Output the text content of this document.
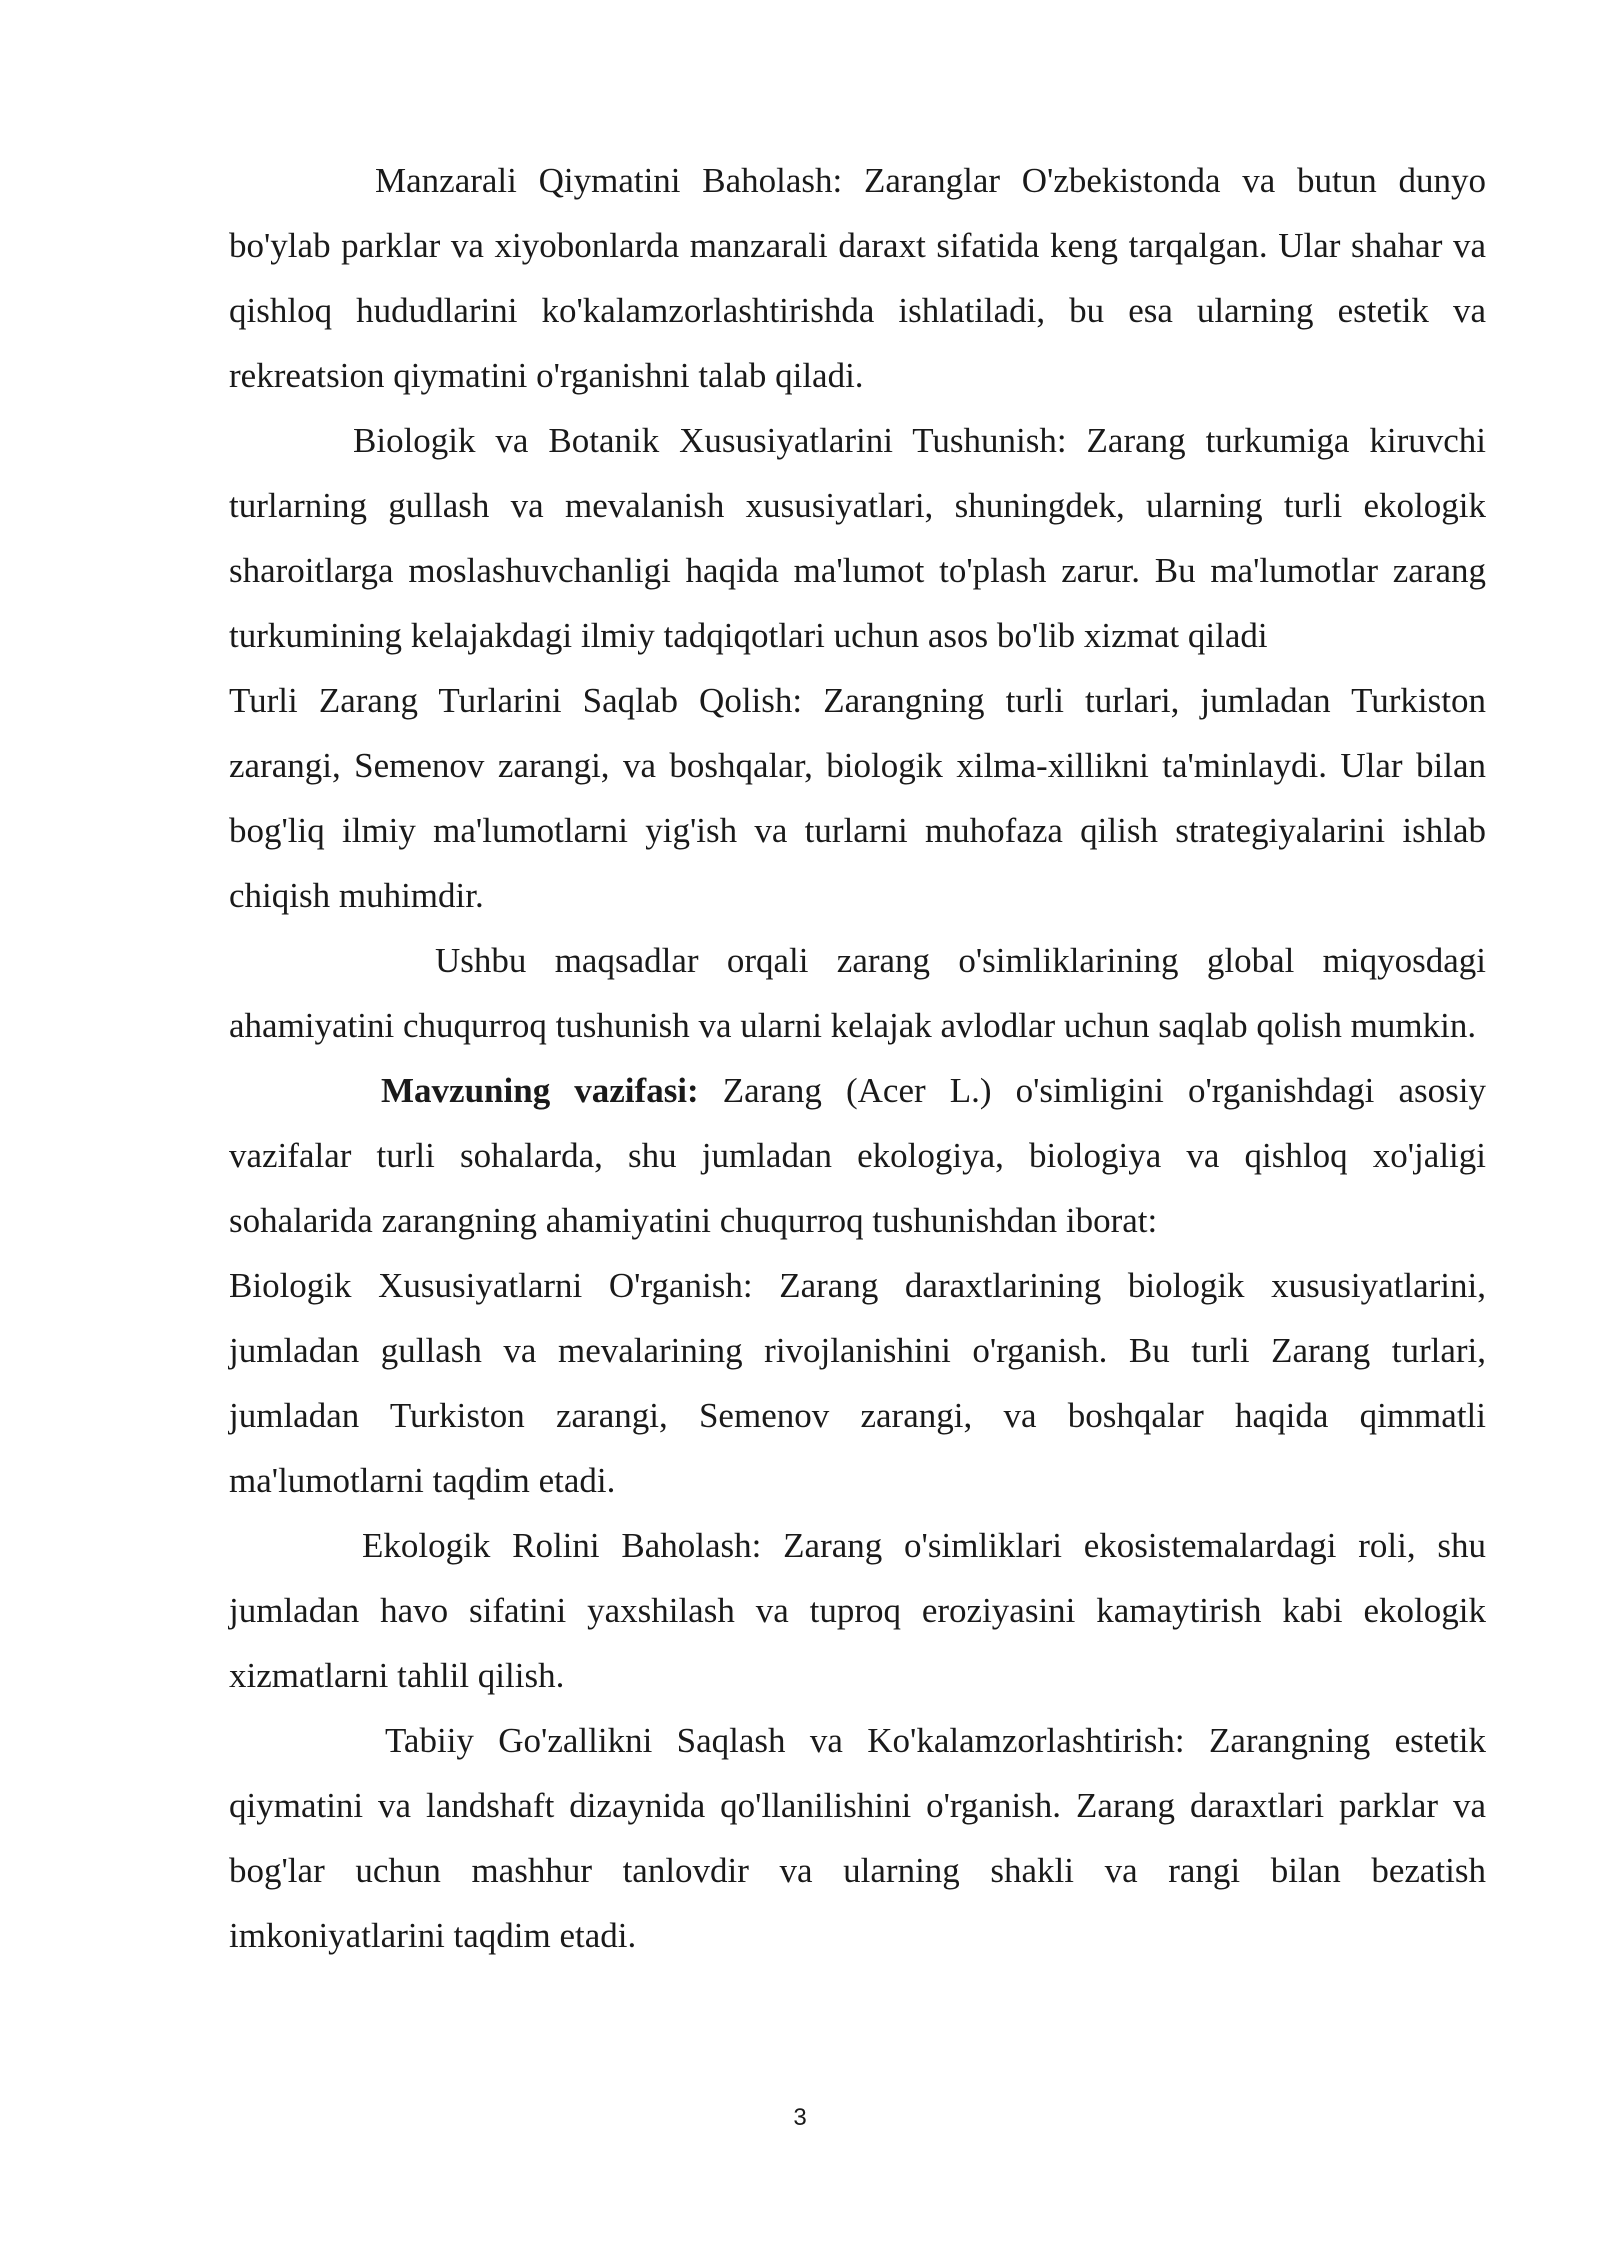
Manzarali Qiymatini Baholash: Zaranglar O'zbekistonda va butun dunyo bo'ylab parklar va xiyobonlarda manzarali daraxt sifatida keng tarqalgan. Ular shahar va qishloq hududlarini ko'kalamzorlashtirishda ishlatiladi, bu esa ularning estetik va rekreatsion qiymatini o'rganishni talab qiladi.

Biologik va Botanik Xususiyatlarini Tushunish: Zarang turkumiga kiruvchi turlarning gullash va mevalanish xususiyatlari, shuningdek, ularning turli ekologik sharoitlarga moslashuvchanligi haqida ma'lumot to'plash zarur. Bu ma'lumotlar zarang turkumining kelajakdagi ilmiy tadqiqotlari uchun asos bo'lib xizmat qiladi

Turli Zarang Turlarini Saqlab Qolish: Zarangning turli turlari, jumladan Turkiston zarangi, Semenov zarangi, va boshqalar, biologik xilma-xillikni ta'minlaydi. Ular bilan bog'liq ilmiy ma'lumotlarni yig'ish va turlarni muhofaza qilish strategiyalarini ishlab chiqish muhimdir.

Ushbu maqsadlar orqali zarang o'simliklarining global miqyosdagi ahamiyatini chuqurroq tushunish va ularni kelajak avlodlar uchun saqlab qolish mumkin.

Mavzuning vazifasi: Zarang (Acer L.) o'simligini o'rganishdagi asosiy vazifalar turli sohalarda, shu jumladan ekologiya, biologiya va qishloq xo'jaligi sohalarida zarangning ahamiyatini chuqurroq tushunishdan iborat:

Biologik Xususiyatlarni O'rganish: Zarang daraxtlarining biologik xususiyatlarini, jumladan gullash va mevalarining rivojlanishini o'rganish. Bu turli Zarang turlari, jumladan Turkiston zarangi, Semenov zarangi, va boshqalar haqida qimmatli ma'lumotlarni taqdim etadi.

Ekologik Rolini Baholash: Zarang o'simliklari ekosistemalardagi roli, shu jumladan havo sifatini yaxshilash va tuproq eroziyasini kamaytirish kabi ekologik xizmatlarni tahlil qilish.

Tabiiy Go'zallikni Saqlash va Ko'kalamzorlashtirish: Zarangning estetik qiymatini va landshaft dizaynida qo'llanilishini o'rganish. Zarang daraxtlari parklar va bog'lar uchun mashhur tanlovdir va ularning shakli va rangi bilan bezatish imkoniyatlarini taqdim etadi.

3
